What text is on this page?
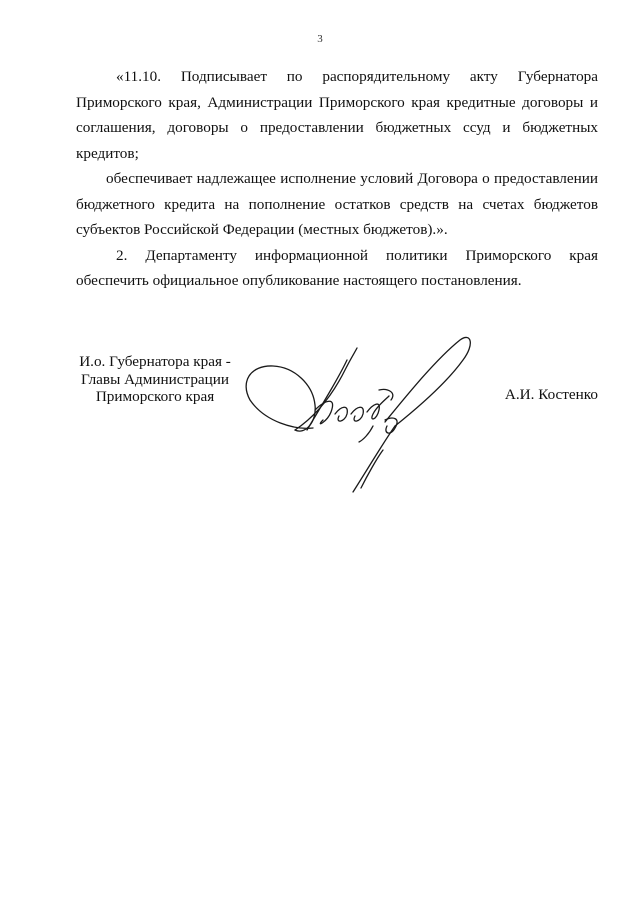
3

«11.10. Подписывает по распорядительному акту Губернатора Приморского края, Администрации Приморского края кредитные договоры и соглашения, договоры о предоставлении бюджетных ссуд и бюджетных кредитов;

обеспечивает надлежащее исполнение условий Договора о предоставлении бюджетного кредита на пополнение остатков средств на счетах бюджетов субъектов Российской Федерации (местных бюджетов).».

2. Департаменту информационной политики Приморского края обеспечить официальное опубликование настоящего постановления.

И.о. Губернатора края -
Главы Администрации
Приморского края	А.И. Костенко
